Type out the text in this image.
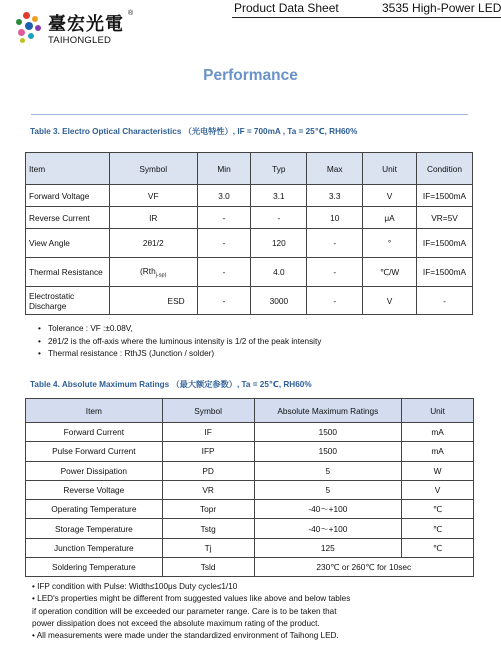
臺宏光電
®
TAIHONGLED
Product Data Sheet	3535 High-Power LED
Performance
Table 3. Electro Optical Characteristics （光电特性）, IF = 700mA , Ta = 25℃, RH60%
Item	Symbol	Min	Typ	Max	Unit	Condition
Forward Voltage	VF	3.0	3.1	3.3	V	IF=1500mA
Reverse Current	IR	-	-	10	μA	VR=5V
View Angle	2θ1/2	-	120	-	°	IF=1500mA
Thermal Resistance	(Rth$_{j-sp)}$	-	4.0	-	℃/W	IF=1500mA
Electrostatic Discharge	ESD	-	3000	-	V	-
• Tolerance : VF :±0.08V,
• 2θ1/2 is the off-axis where the luminous intensity is 1/2 of the peak intensity
• Thermal resistance : RthJS (Junction / solder)
Table 4. Absolute Maximum Ratings （最大额定参数）, Ta = 25℃, RH60%
Item	Symbol	Absolute Maximum Ratings	Unit
Forward Current	IF	1500	mA
Pulse Forward Current	IFP	1500	mA
Power Dissipation	PD	5	W
Reverse Voltage	VR	5	V
Operating Temperature	Topr	-40～+100	℃
Storage Temperature	Tstg	-40～+100	℃
Junction Temperature	Tj	125	℃
Soldering Temperature	Tsld	230℃ or 260℃ for 10sec	
• IFP condition with Pulse: Width≤100μs Duty cycle≤1/10
• LED's properties might be different from suggested values like above and below tables
if operation condition will be exceeded our parameter range. Care is to be taken that
power dissipation does not exceed the absolute maximum rating of the product.
• All measurements were made under the standardized environment of Taihong LED.
